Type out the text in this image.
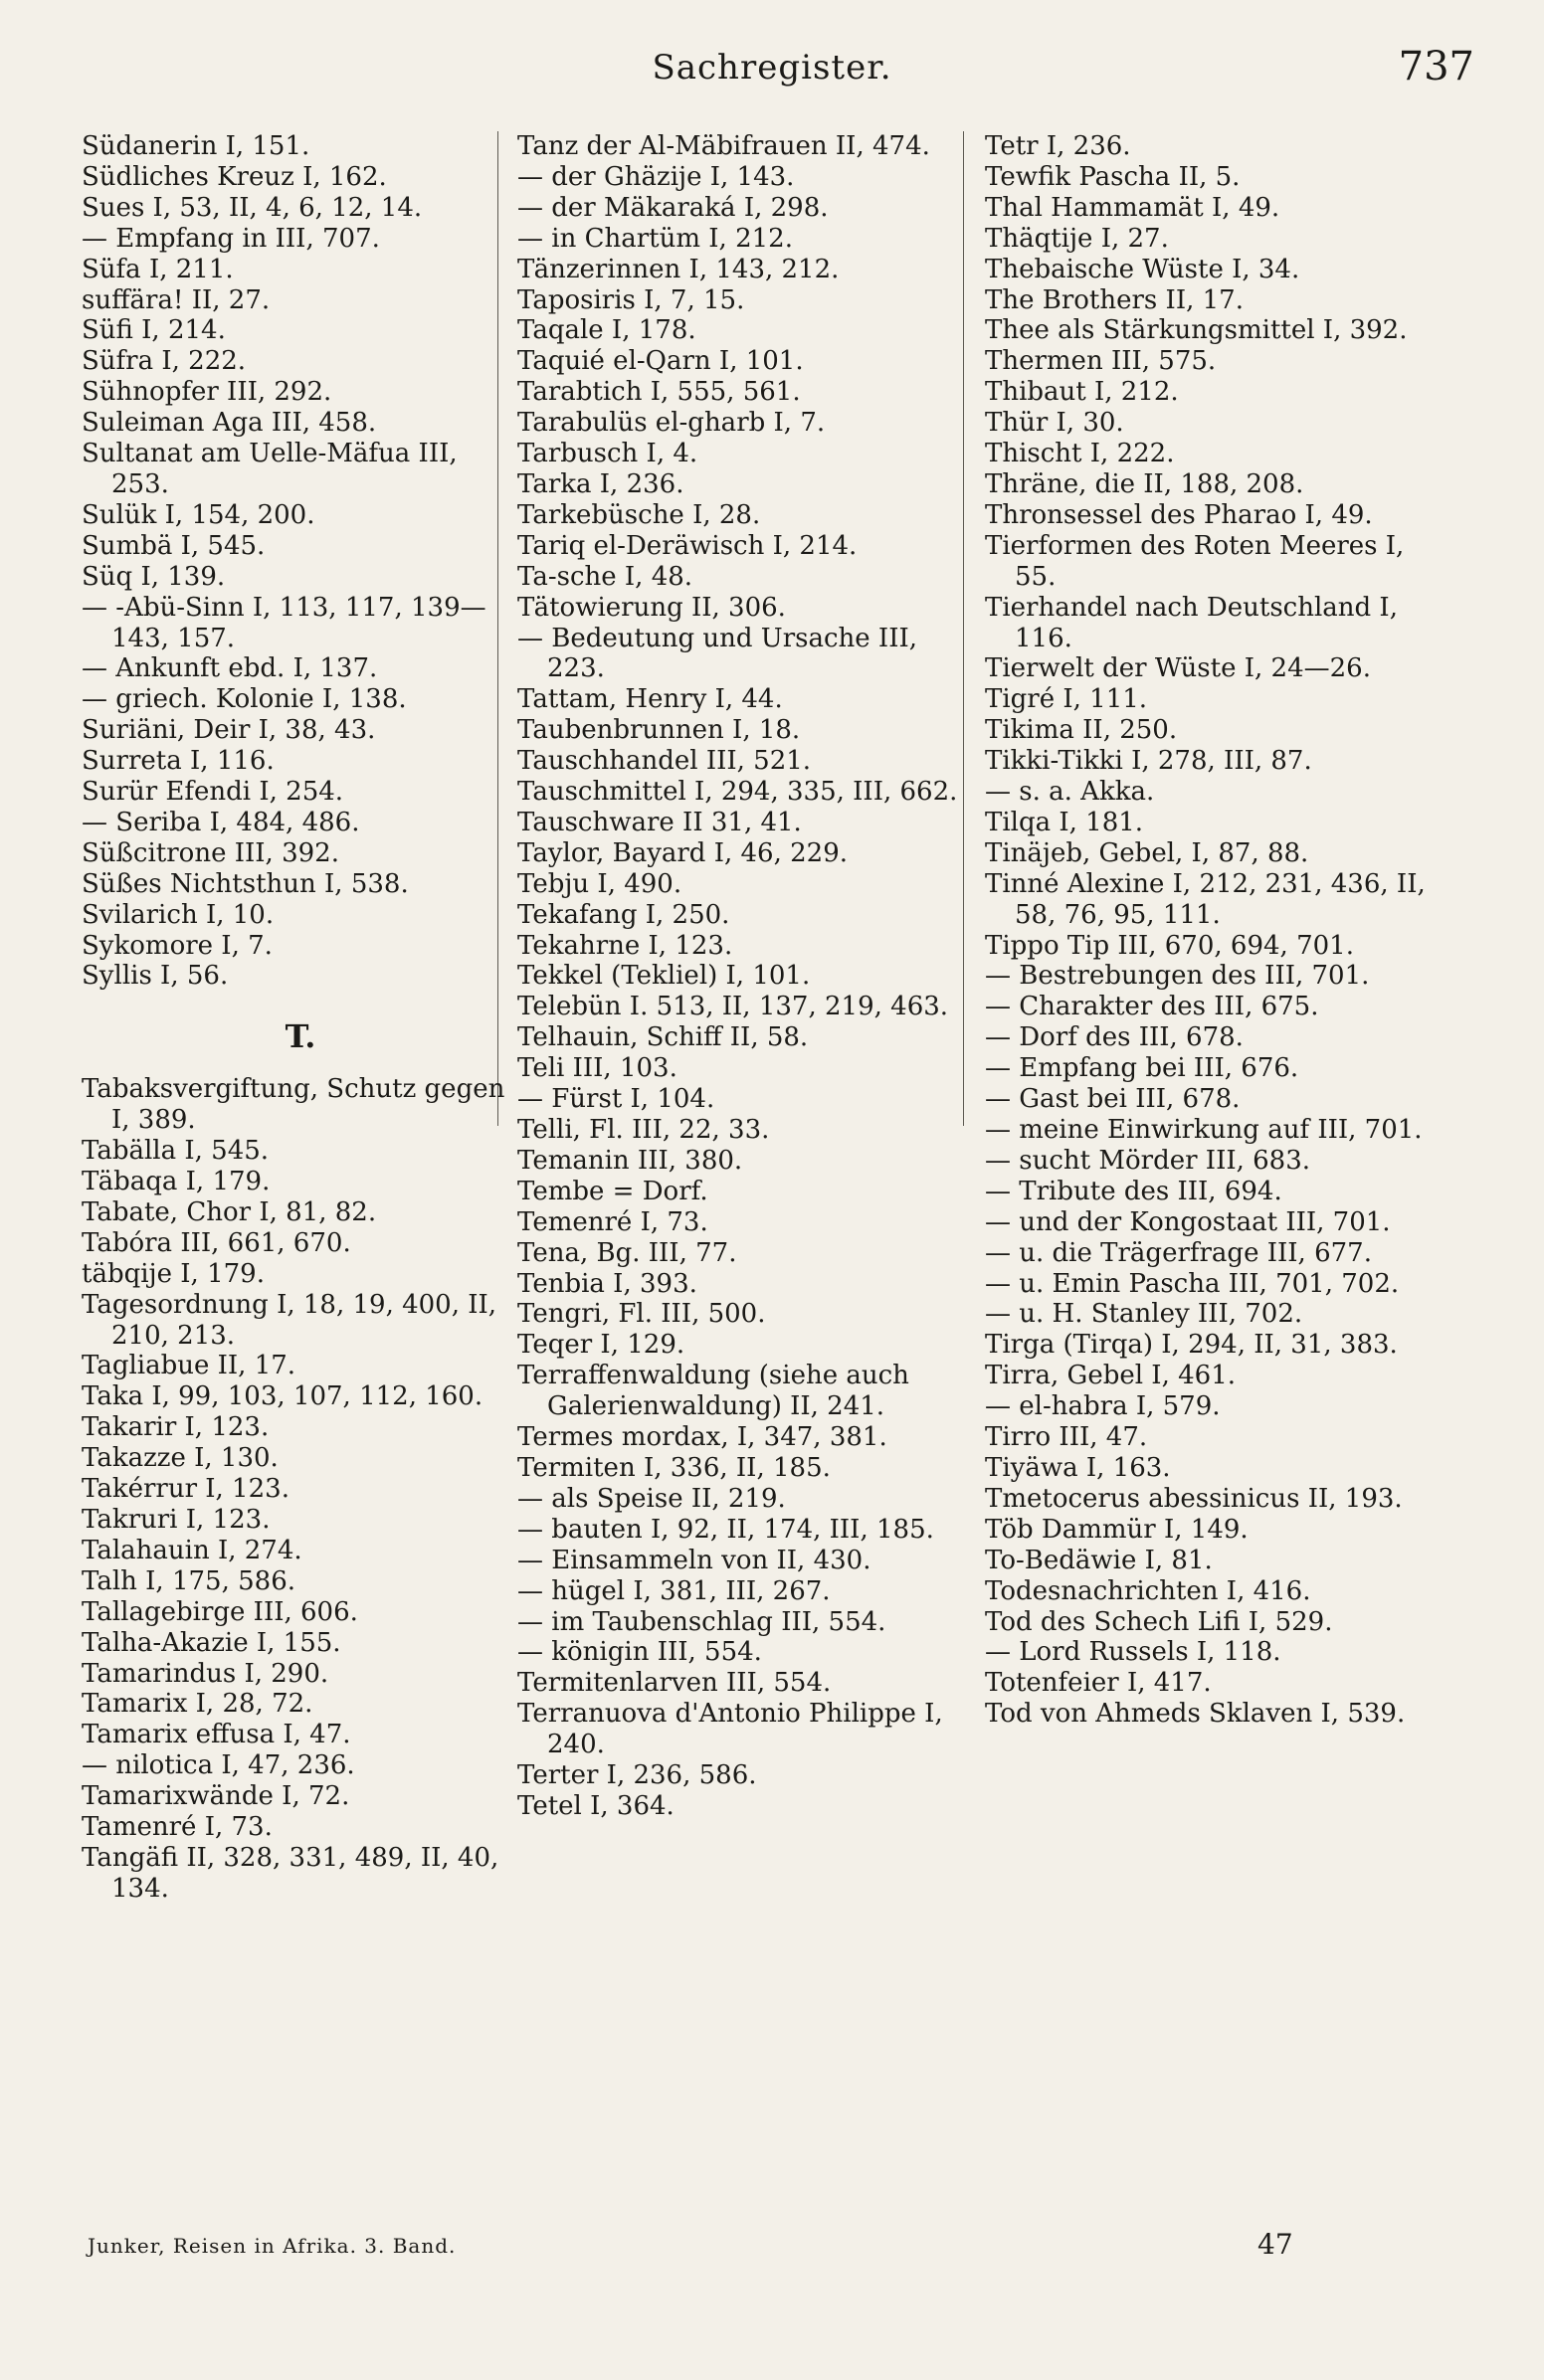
Sachregister.	737

Südanerin I, 151.

Südliches Kreuz I, 162.

Sues I, 53, II, 4, 6, 12, 14.

— Empfang in III, 707.

Süfa I, 211.

suffära! II, 27.

Süfi I, 214.

Süfra I, 222.

Sühnopfer III, 292.

Suleiman Aga III, 458.

Sultanat am Uelle-Mäfua III, 253.

Sulük I, 154, 200.

Sumbä I, 545.

Süq I, 139.

— -Abü-Sinn I, 113, 117, 139—143, 157.

— Ankunft ebd. I, 137.

— griech. Kolonie I, 138.

Suriäni, Deir I, 38, 43.

Surreta I, 116.

Surür Efendi I, 254.

— Seriba I, 484, 486.

Süßcitrone III, 392.

Süßes Nichtsthun I, 538.

Svilarich I, 10.

Sykomore I, 7.

Syllis I, 56.

T.

Tabaksvergiftung, Schutz gegen I, 389.

Tabälla I, 545.

Täbaqa I, 179.

Tabate, Chor I, 81, 82.

Tabóra III, 661, 670.

täbqije I, 179.

Tagesordnung I, 18, 19, 400, II, 210, 213.

Tagliabue II, 17.

Taka I, 99, 103, 107, 112, 160.

Takarir I, 123.

Takazze I, 130.

Takérrur I, 123.

Takruri I, 123.

Talahauin I, 274.

Talh I, 175, 586.

Tallagebirge III, 606.

Talha-Akazie I, 155.

Tamarindus I, 290.

Tamarix I, 28, 72.

Tamarix effusa I, 47.

— nilotica I, 47, 236.

Tamarixwände I, 72.

Tamenré I, 73.

Tangäfi II, 328, 331, 489, II, 40, 134.

Tanz der Al-Mäbifrauen II, 474.

— der Ghäzije I, 143.

— der Mäkaraká I, 298.

— in Chartüm I, 212.

Tänzerinnen I, 143, 212.

Taposiris I, 7, 15.

Taqale I, 178.

Taquié el-Qarn I, 101.

Tarabtich I, 555, 561.

Tarabulüs el-gharb I, 7.

Tarbusch I, 4.

Tarka I, 236.

Tarkebüsche I, 28.

Tariq el-Deräwisch I, 214.

Ta-sche I, 48.

Tätowierung II, 306.

— Bedeutung und Ursache III, 223.

Tattam, Henry I, 44.

Taubenbrunnen I, 18.

Tauschhandel III, 521.

Tauschmittel I, 294, 335, III, 662.

Tauschware II 31, 41.

Taylor, Bayard I, 46, 229.

Tebju I, 490.

Tekafang I, 250.

Tekahrne I, 123.

Tekkel (Tekliel) I, 101.

Telebün I. 513, II, 137, 219, 463.

Telhauin, Schiff II, 58.

Teli III, 103.

— Fürst I, 104.

Telli, Fl. III, 22, 33.

Temanin III, 380.

Tembe = Dorf.

Temenré I, 73.

Tena, Bg. III, 77.

Tenbia I, 393.

Tengri, Fl. III, 500.

Teqer I, 129.

Terraffenwaldung (siehe auch Galerienwaldung) II, 241.

Termes mordax, I, 347, 381.

Termiten I, 336, II, 185.

— als Speise II, 219.

— bauten I, 92, II, 174, III, 185.

— Einsammeln von II, 430.

— hügel I, 381, III, 267.

— im Taubenschlag III, 554.

— königin III, 554.

Termitenlarven III, 554.

Terranuova d'Antonio Philippe I, 240.

Terter I, 236, 586.

Tetel I, 364.

Tetr I, 236.

Tewfik Pascha II, 5.

Thal Hammamät I, 49.

Thäqtije I, 27.

Thebaische Wüste I, 34.

The Brothers II, 17.

Thee als Stärkungsmittel I, 392.

Thermen III, 575.

Thibaut I, 212.

Thür I, 30.

Thischt I, 222.

Thräne, die II, 188, 208.

Thronsessel des Pharao I, 49.

Tierformen des Roten Meeres I, 55.

Tierhandel nach Deutschland I, 116.

Tierwelt der Wüste I, 24—26.

Tigré I, 111.

Tikima II, 250.

Tikki-Tikki I, 278, III, 87.

— s. a. Akka.

Tilqa I, 181.

Tinäjeb, Gebel, I, 87, 88.

Tinné Alexine I, 212, 231, 436, II, 58, 76, 95, 111.

Tippo Tip III, 670, 694, 701.

— Bestrebungen des III, 701.

— Charakter des III, 675.

— Dorf des III, 678.

— Empfang bei III, 676.

— Gast bei III, 678.

— meine Einwirkung auf III, 701.

— sucht Mörder III, 683.

— Tribute des III, 694.

— und der Kongostaat III, 701.

— u. die Trägerfrage III, 677.

— u. Emin Pascha III, 701, 702.

— u. H. Stanley III, 702.

Tirga (Tirqa) I, 294, II, 31, 383.

Tirra, Gebel I, 461.

— el-habra I, 579.

Tirro III, 47.

Tiyäwa I, 163.

Tmetocerus abessinicus II, 193.

Töb Dammür I, 149.

To-Bedäwie I, 81.

Todesnachrichten I, 416.

Tod des Schech Lifi I, 529.

— Lord Russels I, 118.

Totenfeier I, 417.

Tod von Ahmeds Sklaven I, 539.

Junker, Reisen in Afrika. 3. Band.	47
